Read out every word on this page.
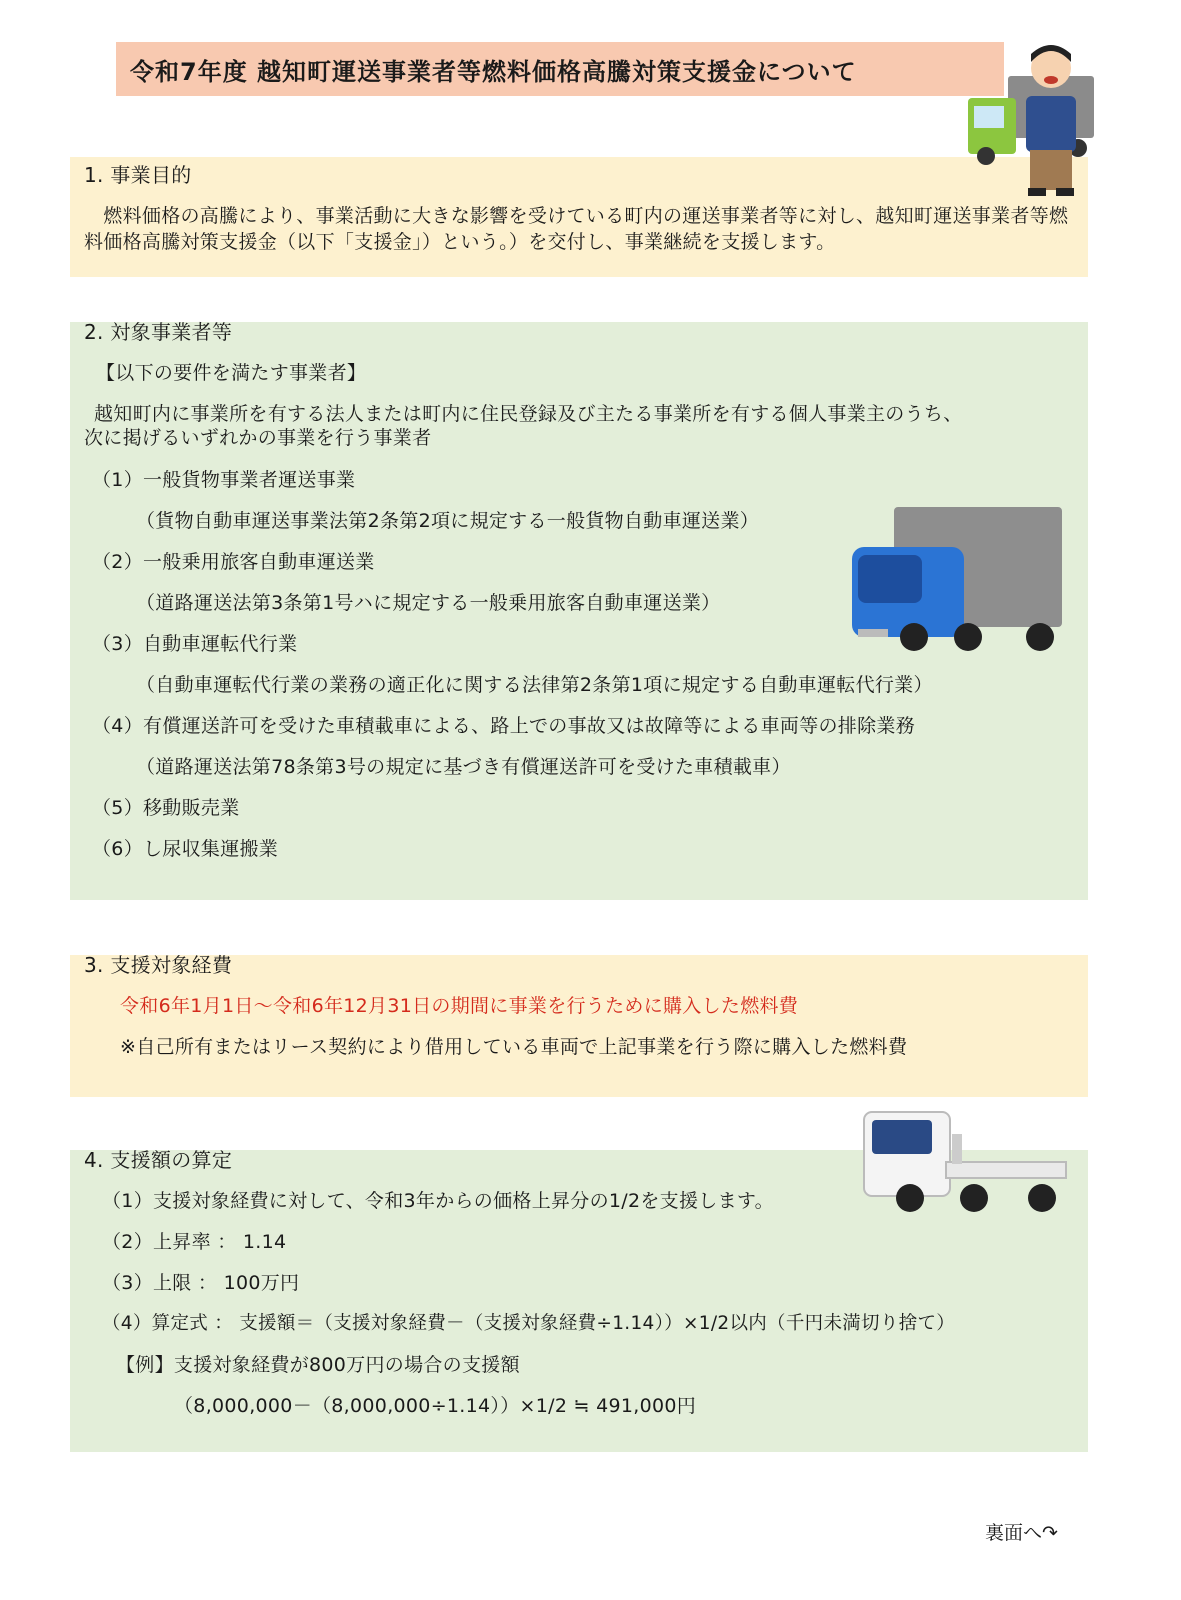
令和7年度 越知町運送事業者等燃料価格高騰対策支援金について
1. 事業目的
　燃料価格の高騰により、事業活動に大きな影響を受けている町内の運送事業者等に対し、越知町運送事業者等燃料価格高騰対策支援金（以下「支援金」）という。）を交付し、事業継続を支援します。
2. 対象事業者等
【以下の要件を満たす事業者】
越知町内に事業所を有する法人または町内に住民登録及び主たる事業所を有する個人事業主のうち、
次に掲げるいずれかの事業を行う事業者
（1）一般貨物事業者運送事業
（貨物自動車運送事業法第2条第2項に規定する一般貨物自動車運送業）
（2）一般乗用旅客自動車運送業
（道路運送法第3条第1号ハに規定する一般乗用旅客自動車運送業）
（3）自動車運転代行業
（自動車運転代行業の業務の適正化に関する法律第2条第1項に規定する自動車運転代行業）
（4）有償運送許可を受けた車積載車による、路上での事故又は故障等による車両等の排除業務
（道路運送法第78条第3号の規定に基づき有償運送許可を受けた車積載車）
（5）移動販売業
（6）し尿収集運搬業
3. 支援対象経費
令和6年1月1日～令和6年12月31日の期間に事業を行うために購入した燃料費
※自己所有またはリース契約により借用している車両で上記事業を行う際に購入した燃料費
4. 支援額の算定
（1）支援対象経費に対して、令和3年からの価格上昇分の1/2を支援します。
（2）上昇率 ： 1.14
（3）上限 ： 100万円
（4）算定式 ： 支援額＝（支援対象経費－（支援対象経費÷1.14））×1/2以内（千円未満切り捨て）
【例】支援対象経費が800万円の場合の支援額
（8,000,000－（8,000,000÷1.14））×1/2 ≒ 491,000円
裏面へ↷
